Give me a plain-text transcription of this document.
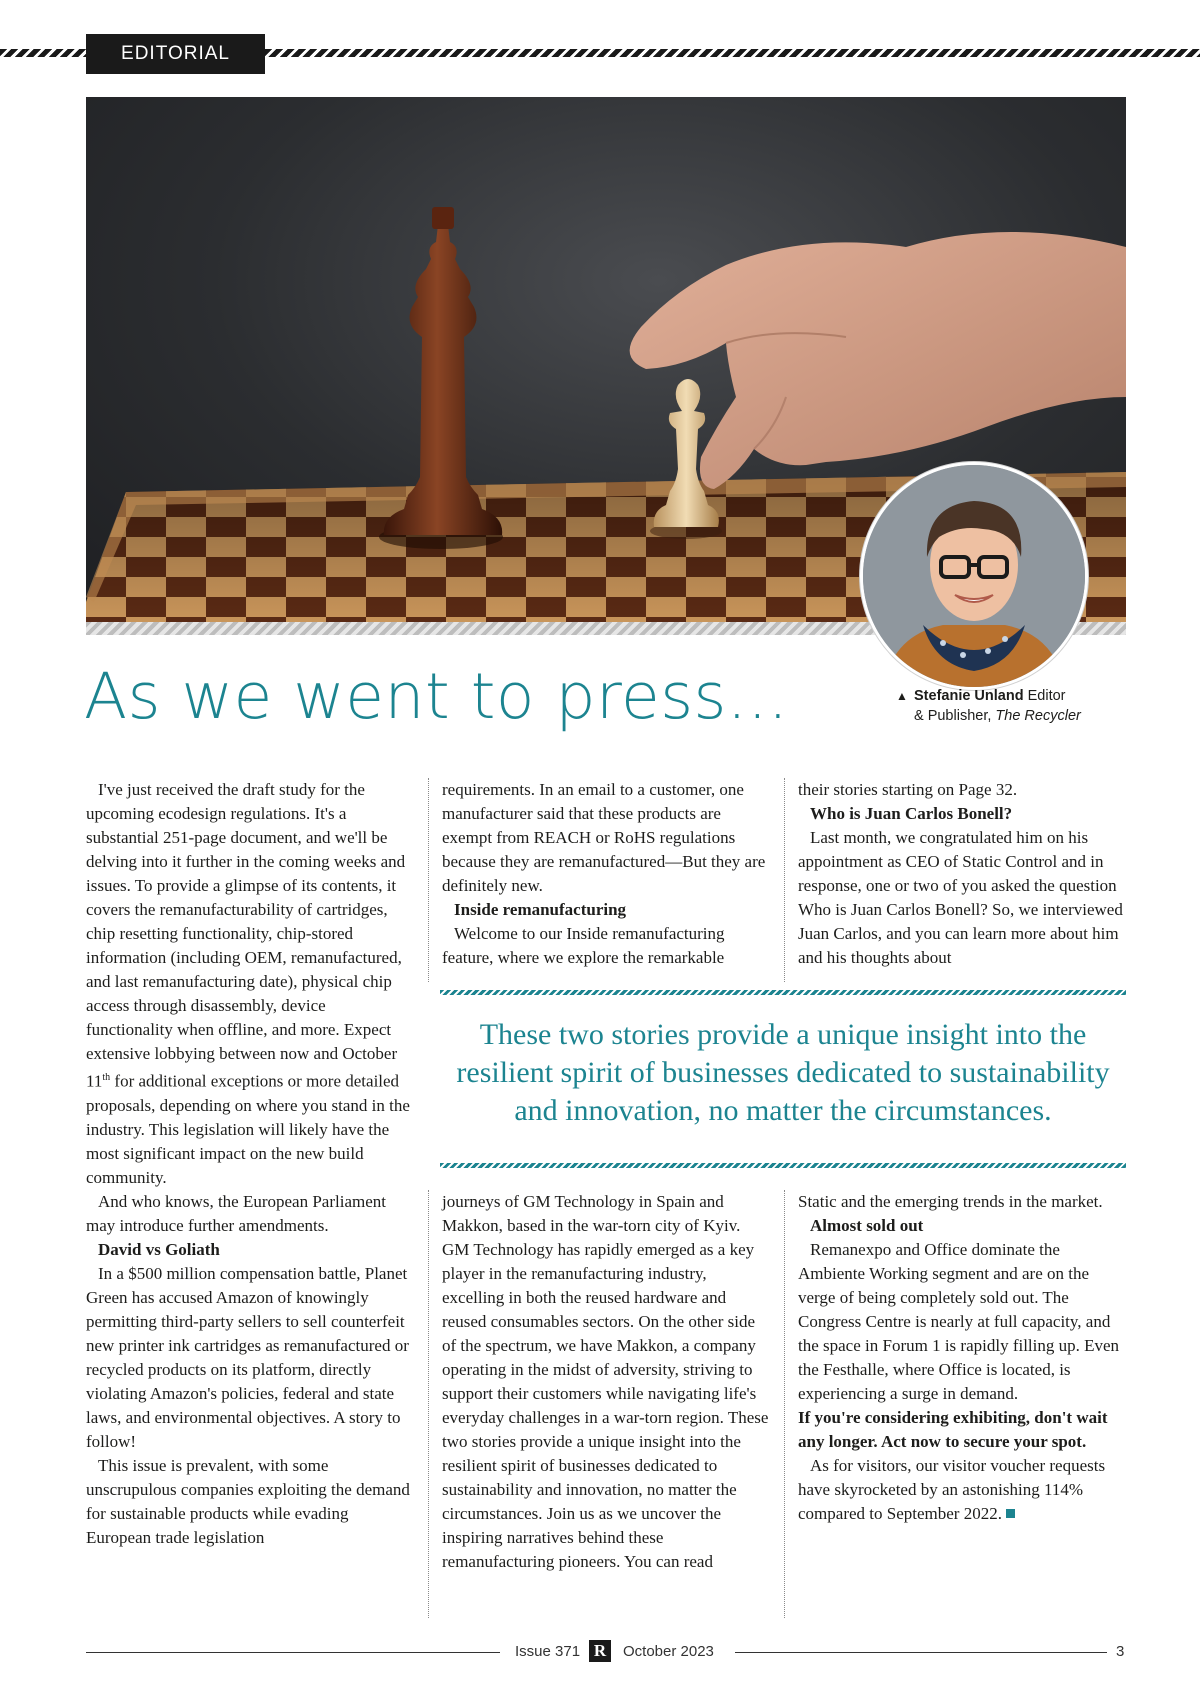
EDITORIAL
▲ Stefanie Unland Editor
& Publisher, The Recycler
As we went to press...

I've just received the draft study for the upcoming ecodesign regulations. It's a substantial 251-page document, and we'll be delving into it further in the coming weeks and issues. To provide a glimpse of its contents, it covers the remanufacturability of cartridges, chip resetting functionality, chip-stored information (including OEM, remanufactured, and last remanufacturing date), physical chip access through disassembly, device functionality when offline, and more. Expect extensive lobbying between now and October 11th for additional exceptions or more detailed proposals, depending on where you stand in the industry. This legislation will likely have the most significant impact on the new build community.

And who knows, the European Parliament may introduce further amendments.

David vs Goliath

In a $500 million compensation battle, Planet Green has accused Amazon of knowingly permitting third-party sellers to sell counterfeit new printer ink cartridges as remanufactured or recycled products on its platform, directly violating Amazon's policies, federal and state laws, and environmental objectives. A story to follow!

This issue is prevalent, with some unscrupulous companies exploiting the demand for sustainable products while evading European trade legislation

requirements. In an email to a customer, one manufacturer said that these products are exempt from REACH or RoHS regulations because they are remanufactured—But they are definitely new.

Inside remanufacturing

Welcome to our Inside remanufacturing feature, where we explore the remarkable

their stories starting on Page 32.

Who is Juan Carlos Bonell?

Last month, we congratulated him on his appointment as CEO of Static Control and in response, one or two of you asked the question Who is Juan Carlos Bonell? So, we interviewed Juan Carlos, and you can learn more about him and his thoughts about

These two stories provide a unique insight into the resilient spirit of businesses dedicated to sustainability and innovation, no matter the circumstances.

journeys of GM Technology in Spain and Makkon, based in the war-torn city of Kyiv. GM Technology has rapidly emerged as a key player in the remanufacturing industry, excelling in both the reused hardware and reused consumables sectors. On the other side of the spectrum, we have Makkon, a company operating in the midst of adversity, striving to support their customers while navigating life's everyday challenges in a war-torn region. These two stories provide a unique insight into the resilient spirit of businesses dedicated to sustainability and innovation, no matter the circumstances. Join us as we uncover the inspiring narratives behind these remanufacturing pioneers. You can read

Static and the emerging trends in the market.

Almost sold out

Remanexpo and Office dominate the Ambiente Working segment and are on the verge of being completely sold out. The Congress Centre is nearly at full capacity, and the space in Forum 1 is rapidly filling up. Even the Festhalle, where Office is located, is experiencing a surge in demand.

If you're considering exhibiting, don't wait any longer. Act now to secure your spot.

As for visitors, our visitor voucher requests have skyrocketed by an astonishing 114% compared to September 2022.

Issue 371 R	October 2023	3
